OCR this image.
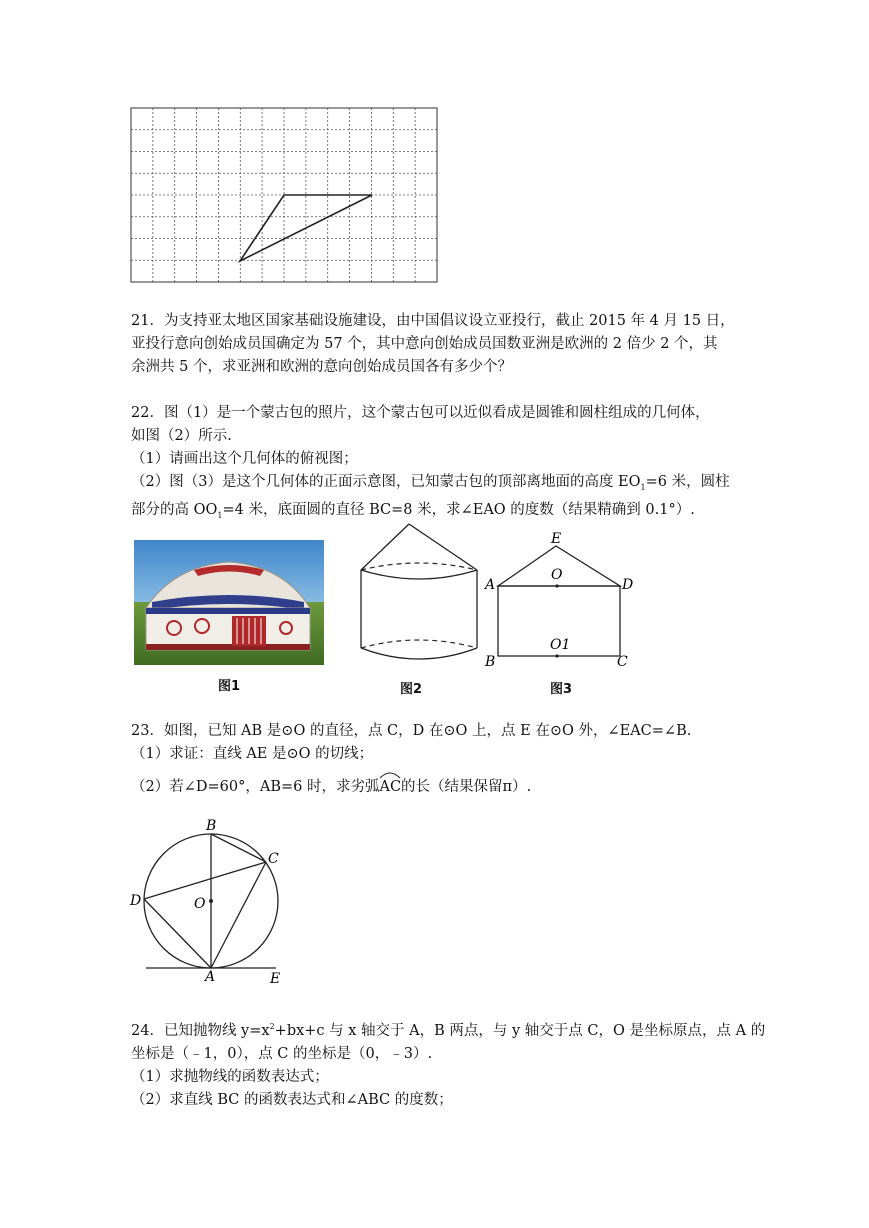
21．为支持亚太地区国家基础设施建设，由中国倡议设立亚投行，截止 2015 年 4 月 15 日，
亚投行意向创始成员国确定为 57 个，其中意向创始成员国数亚洲是欧洲的 2 倍少 2 个，其
余洲共 5 个，求亚洲和欧洲的意向创始成员国各有多少个？
22．图（1）是一个蒙古包的照片，这个蒙古包可以近似看成是圆锥和圆柱组成的几何体，
如图（2）所示.
（1）请画出这个几何体的俯视图；
（2）图（3）是这个几何体的正面示意图，已知蒙古包的顶部离地面的高度 $EO_1=6$ 米，圆柱
部分的高 $OO_1=4$ 米，底面圆的直径 BC=8 米，求∠EAO 的度数（结果精确到 0.1°）.
图1	图2
E
O
A	D
O1
B	C
图3
23．如图，已知 AB 是⊙O 的直径，点 C，D 在⊙O 上，点 E 在⊙O 外，∠EAC=∠B.
（1）求证：直线 AE 是⊙O 的切线；
（2）若∠D=60°，AB=6 时，求劣弧
AC的长（结果保留π）.
B
C
D	O
A	E
24．已知抛物线 $y=x^2+bx+c$ 与 x 轴交于 A，B 两点，与 y 轴交于点 C，O 是坐标原点，点 A 的
坐标是（﹣1，0），点 C 的坐标是（0，﹣3）.
（1）求抛物线的函数表达式；
（2）求直线 BC 的函数表达式和∠ABC 的度数；
